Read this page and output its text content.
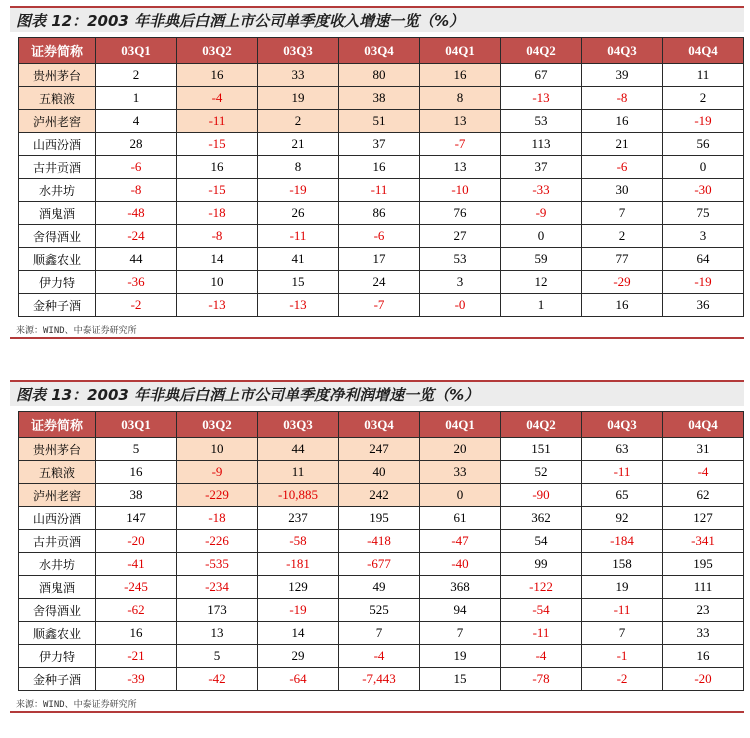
图表 12：2003 年非典后白酒上市公司单季度收入增速一览（%）
证券简称	03Q1	03Q2	03Q3	03Q4	04Q1	04Q2	04Q3	04Q4
贵州茅台	2	16	33	80	16	67	39	11
五粮液	1	-4	19	38	8	-13	-8	2
泸州老窖	4	-11	2	51	13	53	16	-19
山西汾酒	28	-15	21	37	-7	113	21	56
古井贡酒	-6	16	8	16	13	37	-6	0
水井坊	-8	-15	-19	-11	-10	-33	30	-30
酒鬼酒	-48	-18	26	86	76	-9	7	75
舍得酒业	-24	-8	-11	-6	27	0	2	3
顺鑫农业	44	14	41	17	53	59	77	64
伊力特	-36	10	15	24	3	12	-29	-19
金种子酒	-2	-13	-13	-7	-0	1	16	36
来源：WIND、中泰证券研究所
图表 13：2003 年非典后白酒上市公司单季度净利润增速一览（%）
证券简称	03Q1	03Q2	03Q3	03Q4	04Q1	04Q2	04Q3	04Q4
贵州茅台	5	10	44	247	20	151	63	31
五粮液	16	-9	11	40	33	52	-11	-4
泸州老窖	38	-229	-10,885	242	0	-90	65	62
山西汾酒	147	-18	237	195	61	362	92	127
古井贡酒	-20	-226	-58	-418	-47	54	-184	-341
水井坊	-41	-535	-181	-677	-40	99	158	195
酒鬼酒	-245	-234	129	49	368	-122	19	111
舍得酒业	-62	173	-19	525	94	-54	-11	23
顺鑫农业	16	13	14	7	7	-11	7	33
伊力特	-21	5	29	-4	19	-4	-1	16
金种子酒	-39	-42	-64	-7,443	15	-78	-2	-20
来源：WIND、中泰证券研究所
